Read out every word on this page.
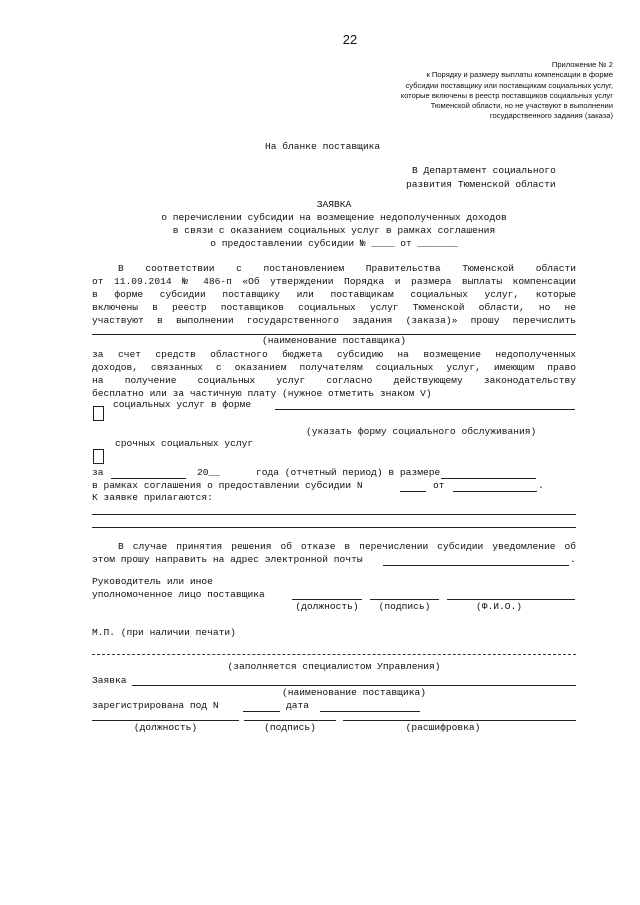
22
Приложение № 2
к Порядку и размеру выплаты компенсации в форме
субсидии поставщику или поставщикам социальных услуг,
которые включены в реестр поставщиков социальных услуг
Тюменской области, но не участвуют в выполнении
государственного задания (заказа)
На бланке поставщика
В Департамент социального
развития Тюменской области
ЗАЯВКА
о перечислении субсидии на возмещение недополученных доходов
в связи с оказанием социальных услуг в рамках соглашения
о предоставлении субсидии № ____ от _______
В соответствии с постановлением Правительства Тюменской области
от 11.09.2014 № 486-п «Об утверждении Порядка и размера выплаты компенсации
в форме субсидии поставщику или поставщикам социальных услуг, которые
включены в реестр поставщиков социальных услуг Тюменской области, но не
участвуют в выполнении государственного задания (заказа)» прошу перечислить
(наименование поставщика)
за счет средств областного бюджета субсидию на возмещение недополученных
доходов, связанных с оказанием получателям социальных услуг, имеющим право
на получение социальных услуг согласно действующему законодательству
бесплатно или за частичную плату (нужное отметить знаком V)
социальных услуг в форме
(указать форму социального обслуживания)
срочных социальных услуг
за	20__	года (отчетный период) в размере
в рамках соглашения о предоставлении субсидии N	от	.
К заявке прилагаются:
В случае принятия решения об отказе в перечислении субсидии уведомление об
этом прошу направить на адрес электронной почты	.
Руководитель или иное
уполномоченное лицо поставщика
(должность)	(подпись)	(Ф.И.О.)
М.П. (при наличии печати)
(заполняется специалистом Управления)
Заявка
(наименование поставщика)
зарегистрирована под N	дата
(должность)	(подпись)	(расшифровка)
